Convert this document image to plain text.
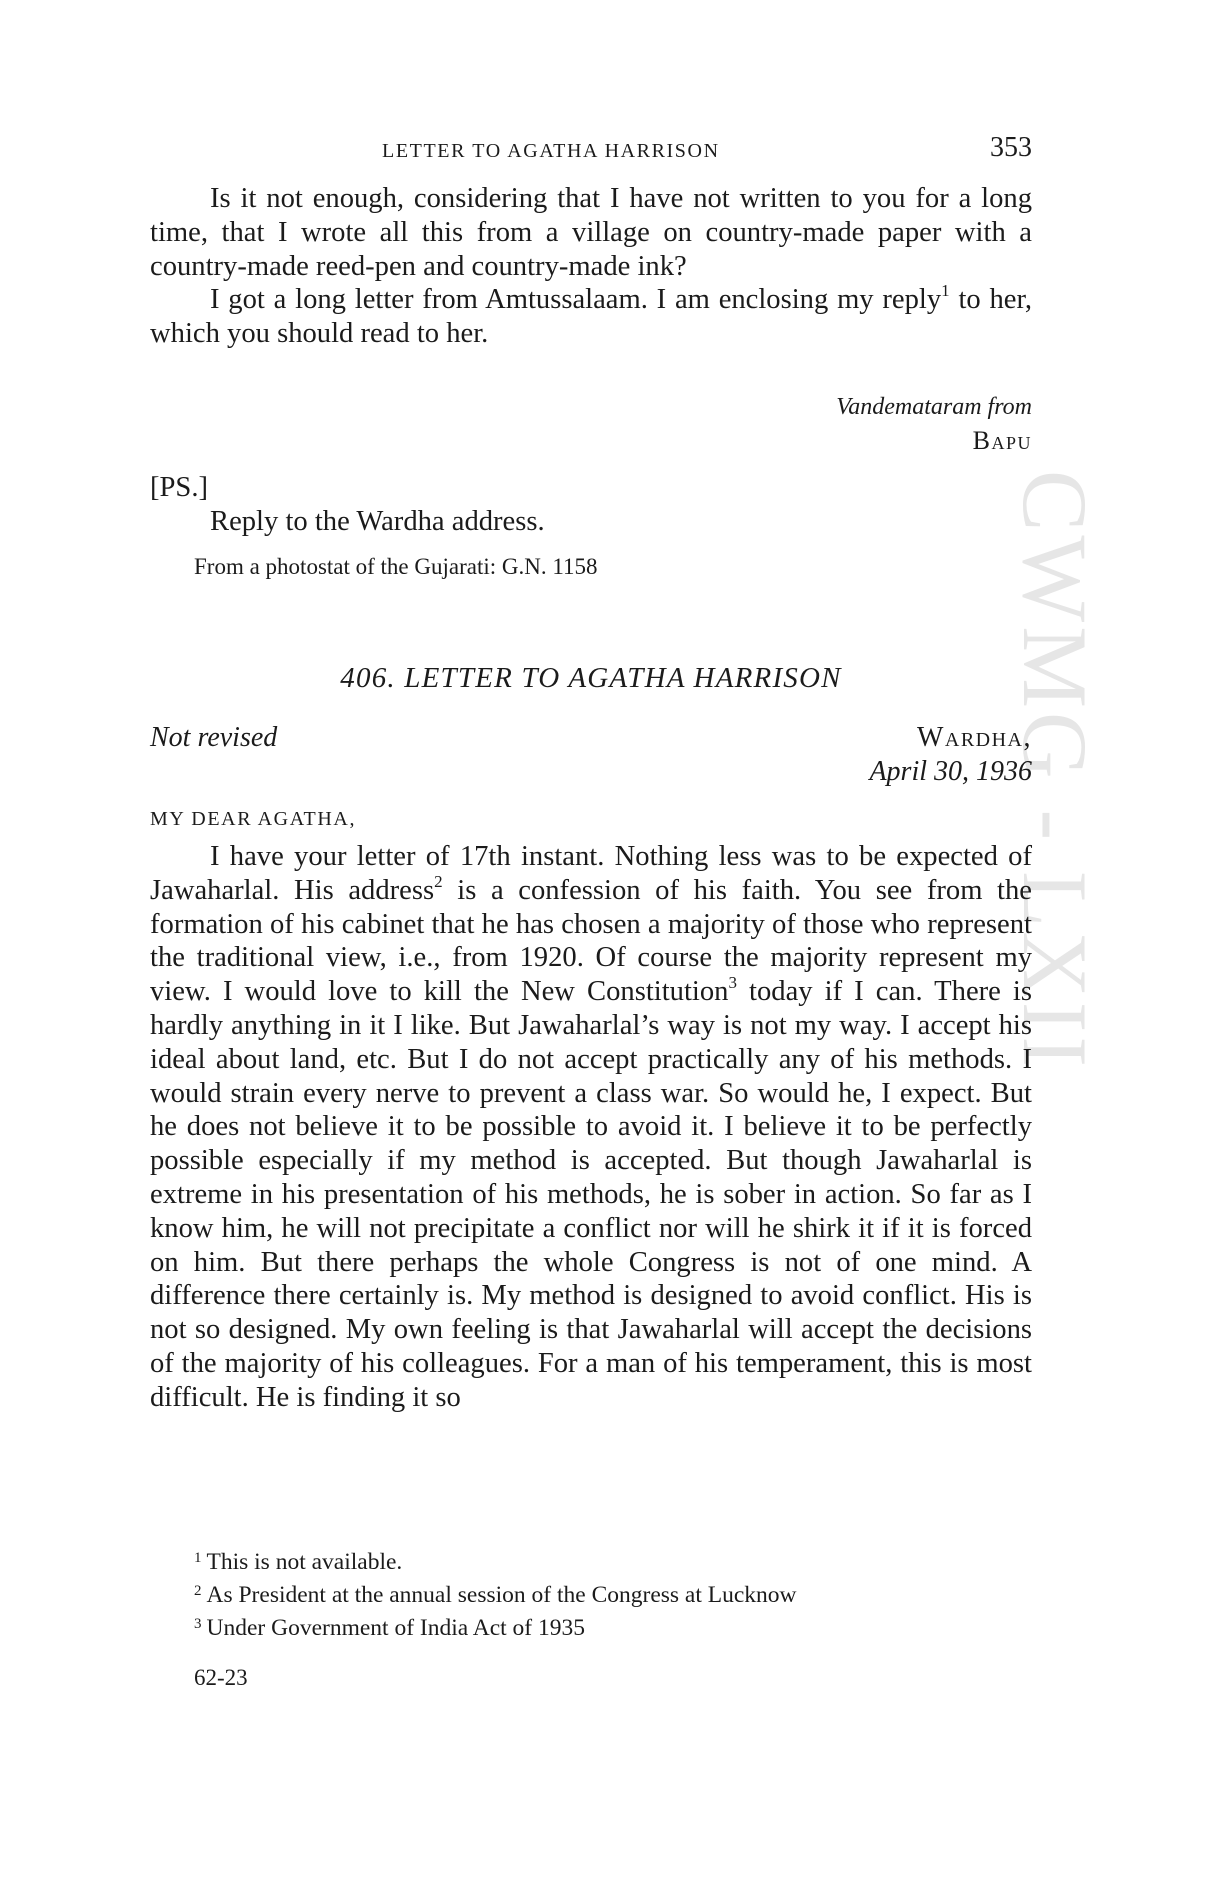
CWMG - LXII
LETTER TO AGATHA HARRISON	353

Is it not enough, considering that I have not written to you for a long time, that I wrote all this from a village on country-made paper with a country-made reed-pen and country-made ink?

I got a long letter from Amtussalaam. I am enclosing my reply$^1$ to her, which you should read to her.

Vandemataram from
Bapu
[PS.]
Reply to the Wardha address.
From a photostat of the Gujarati: G.N. 1158
406. LETTER TO AGATHA HARRISON
Not revised	Wardha,
April 30, 1936
MY DEAR AGATHA,

I have your letter of 17th instant. Nothing less was to be expected of Jawaharlal. His address$^2$ is a confession of his faith. You see from the formation of his cabinet that he has chosen a majority of those who represent the traditional view, i.e., from 1920. Of course the majority represent my view. I would love to kill the New Constitution$^3$ today if I can. There is hardly anything in it I like. But Jawaharlal’s way is not my way. I accept his ideal about land, etc. But I do not accept practically any of his methods. I would strain every nerve to prevent a class war. So would he, I expect. But he does not believe it to be possible to avoid it. I believe it to be perfectly possible especially if my method is accepted. But though Jawaharlal is extreme in his presentation of his methods, he is sober in action. So far as I know him, he will not precipitate a conflict nor will he shirk it if it is forced on him. But there perhaps the whole Congress is not of one mind. A difference there certainly is. My method is designed to avoid conflict. His is not so designed. My own feeling is that Jawaharlal will accept the decisions of the majority of his colleagues. For a man of his temperament, this is most difficult. He is finding it so

$^1$ This is not available.

$^2$ As President at the annual session of the Congress at Lucknow

$^3$ Under Government of India Act of 1935

62-23
